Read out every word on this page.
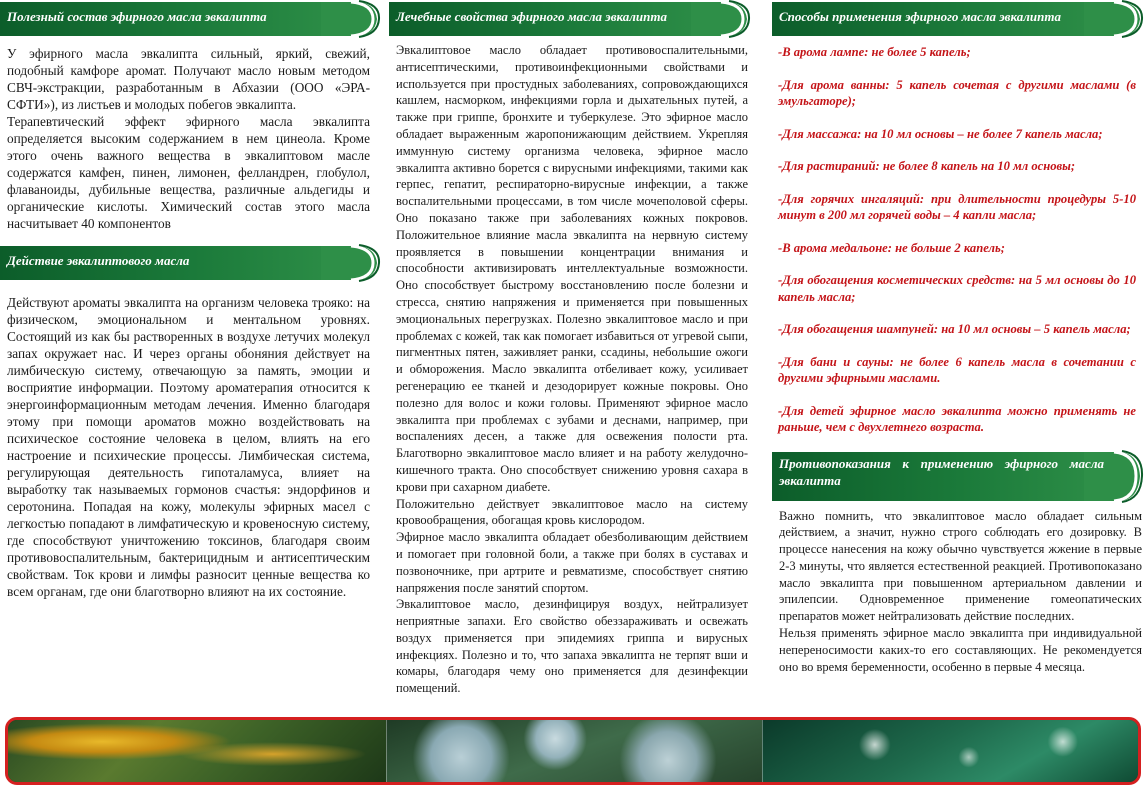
Полезный состав эфирного масла эвкалипта

У эфирного масла эвкалипта сильный, яркий, свежий, подобный камфоре аромат. Получают масло новым методом СВЧ-экстракции, разработанным в Абхазии (ООО «ЭРА-СФТИ»), из листьев и молодых побегов эвкалипта.

Терапевтический эффект эфирного масла эвкалипта определяется высоким содержанием в нем цинеола. Кроме этого очень важного вещества в эвкалиптовом масле содержатся камфен, пинен, лимонен, фелландрен, глобулол, флаваноиды, дубильные вещества, различные альдегиды и органические кислоты. Химический состав этого масла насчитывает 40 компонентов

Действие эвкалиптового масла

Действуют ароматы эвкалипта на организм человека трояко: на физическом, эмоциональном и ментальном уровнях. Состоящий из как бы растворенных в воздухе летучих молекул запах окружает нас. И через органы обоняния действует на лимбическую систему, отвечающую за память, эмоции и восприятие информации. Поэтому ароматерапия относится к энергоинформационным методам лечения. Именно благодаря этому при помощи ароматов можно воздействовать на психическое состояние человека в целом, влиять на его настроение и психические процессы. Лимбическая система, регулирующая деятельность гипоталамуса, влияет на выработку так называемых гормонов счастья: эндорфинов и серотонина. Попадая на кожу, молекулы эфирных масел с легкостью попадают в лимфатическую и кровеносную систему, где способствуют уничтожению токсинов, благодаря своим противовоспалительным, бактерицидным и антисептическим свойствам. Ток крови и лимфы разносит ценные вещества ко всем органам, где они благотворно влияют на их состояние.

Лечебные свойства эфирного масла эвкалипта

Эвкалиптовое масло обладает противовоспалительными, антисептическими, противоинфекционными свойствами и используется при простудных заболеваниях, сопровождающихся кашлем, насморком, инфекциями горла и дыхательных путей, а также при гриппе, бронхите и туберкулезе. Это эфирное масло обладает выраженным жаропонижающим действием. Укрепляя иммунную систему организма человека, эфирное масло эвкалипта активно борется с вирусными инфекциями, такими как герпес, гепатит, респираторно-вирусные инфекции, а также воспалительными процессами, в том числе мочеполовой сферы. Оно показано также при заболеваниях кожных покровов. Положительное влияние масла эвкалипта на нервную систему проявляется в повышении концентрации внимания и способности активизировать интеллектуальные возможности. Оно способствует быстрому восстановлению после болезни и стресса, снятию напряжения и применяется при повышенных эмоциональных перегрузках. Полезно эвкалиптовое масло и при проблемах с кожей, так как помогает избавиться от угревой сыпи, пигментных пятен, заживляет ранки, ссадины, небольшие ожоги и обморожения. Масло эвкалипта отбеливает кожу, усиливает регенерацию ее тканей и дезодорирует кожные покровы. Оно полезно для волос и кожи головы. Применяют эфирное масло эвкалипта при проблемах с зубами и деснами, например, при воспалениях десен, а также для освежения полости рта. Благотворно эвкалиптовое масло влияет и на работу желудочно-кишечного тракта. Оно способствует снижению уровня сахара в крови при сахарном диабете.

Положительно действует эвкалиптовое масло на систему кровообращения, обогащая кровь кислородом.

Эфирное масло эвкалипта обладает обезболивающим действием и помогает при головной боли, а также при болях в суставах и позвоночнике, при артрите и ревматизме, способствует снятию напряжения после занятий спортом.

Эвкалиптовое масло, дезинфицируя воздух, нейтрализует неприятные запахи. Его свойство обеззараживать и освежать воздух применяется при эпидемиях гриппа и вирусных инфекциях. Полезно и то, что запаха эвкалипта не терпят вши и комары, благодаря чему оно применяется для дезинфекции помещений.

Способы применения эфирного масла эвкалипта
-В арома лампе: не более 5 капель;
-Для арома ванны: 5 капель сочетая с другими маслами (в эмульгаторе);
-Для массажа: на 10 мл основы – не более 7 капель масла;
-Для растираний: не более 8 капель на 10 мл основы;
-Для горячих ингаляций: при длительности процедуры 5-10 минут в 200 мл горячей воды – 4 капли масла;
-В арома медальоне: не больше 2 капель;
-Для обогащения косметических средств: на 5 мл основы до 10 капель масла;
-Для обогащения шампуней: на 10 мл основы – 5 капель масла;
-Для бани и сауны: не более 6 капель масла в сочетании с другими эфирными маслами.
-Для детей эфирное масло эвкалипта можно применять не раньше, чем с двухлетнего возраста.
Противопоказания к применению эфирного масла эвкалипта

Важно помнить, что эвкалиптовое масло обладает сильным действием, а значит, нужно строго соблюдать его дозировку. В процессе нанесения на кожу обычно чувствуется жжение в первые 2-3 минуты, что является естественной реакцией. Противопоказано масло эвкалипта при повышенном артериальном давлении и эпилепсии. Одновременное применение гомеопатических препаратов может нейтрализовать действие последних.

Нельзя применять эфирное масло эвкалипта при индивидуальной непереносимости каких-то его составляющих. Не рекомендуется оно во время беременности, особенно в первые 4 месяца.
